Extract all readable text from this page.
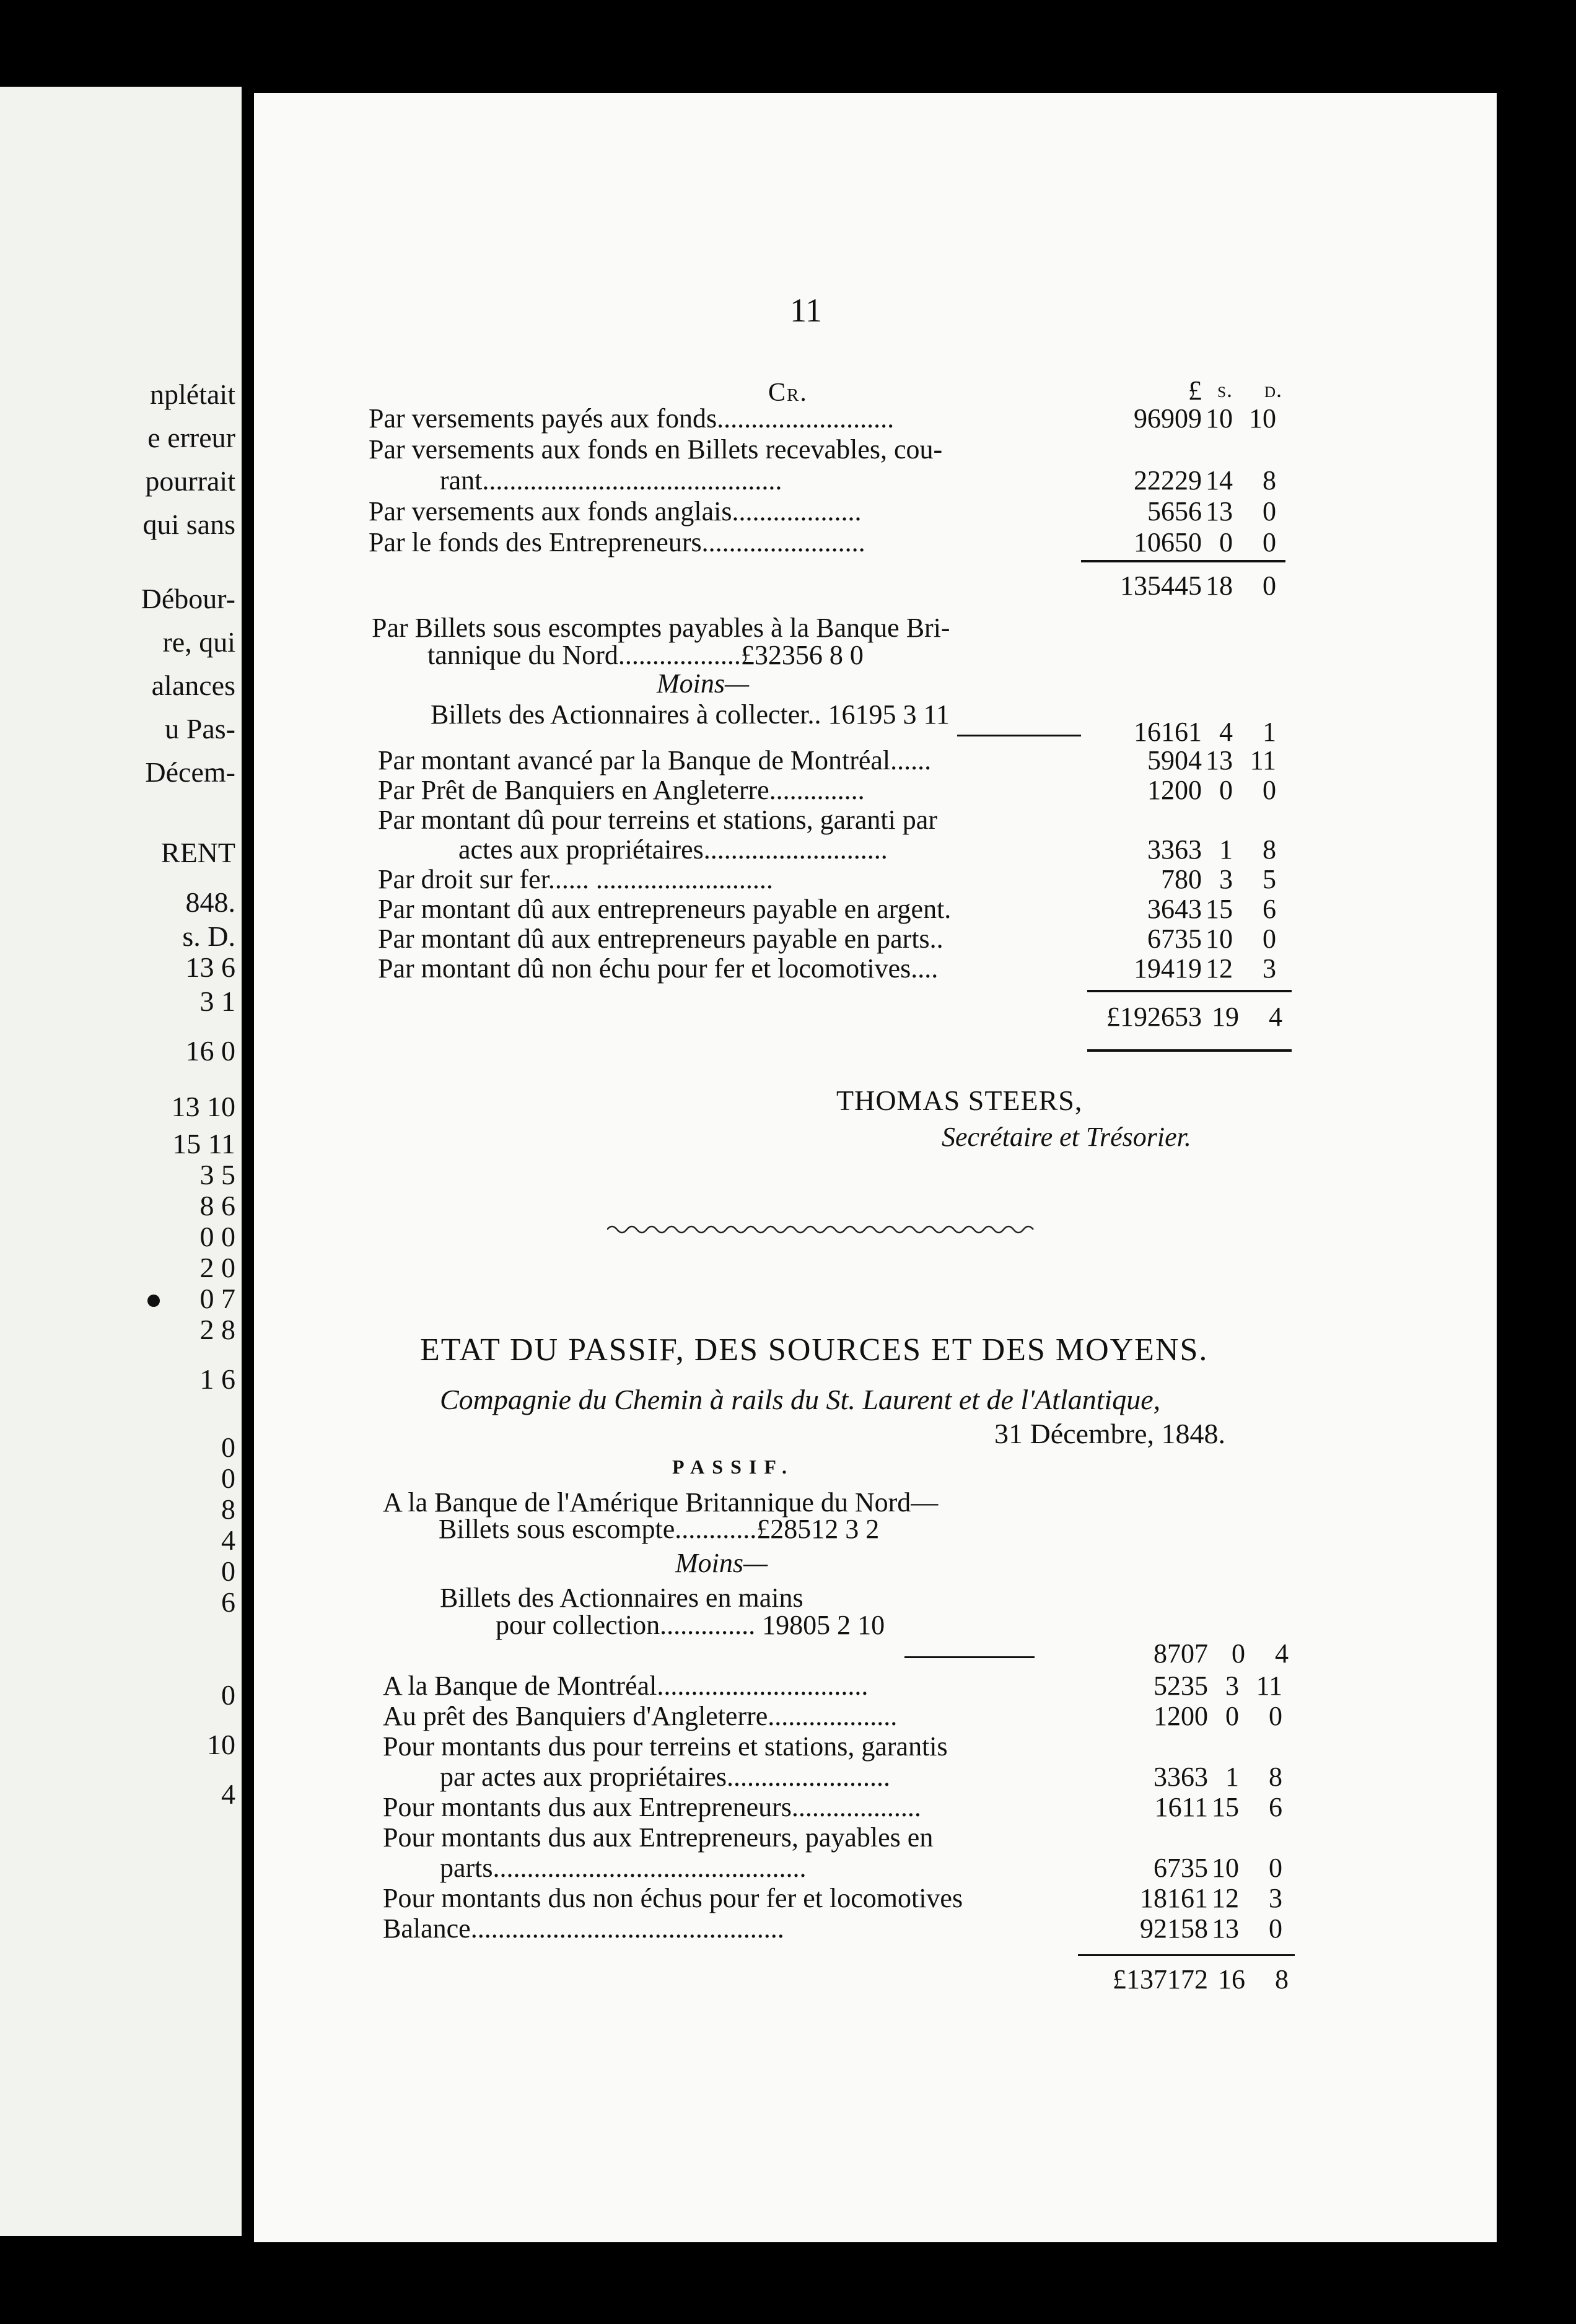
nplétait
e erreur
pourrait
qui sans
Débour-
re, qui
alances
u Pas-
Décem-
RENT
848.
s. D.
13 6
3 1
16 0
13 10
15 11
3 5
8 6
0 0
2 0
0 7
2 8
1 6
0
0
8
4
0
6
0
10
4
11
Cr.	£ s.	d.
Par versements payés aux fonds..........................	96909 10 10
Par versements aux fonds en Billets recevables, cou-
rant............................................	22229 14	8
Par versements aux fonds anglais...................	5656 13	0
Par le fonds des Entrepreneurs........................	10650 0	0
135445 18	0
Par Billets sous escomptes payables à la Banque Bri-
tannique du Nord..................£32356 8 0
Moins—
Billets des Actionnaires à collecter.. 16195 3 11
16161 4	1
Par montant avancé par la Banque de Montréal......	5904 13 11
Par Prêt de Banquiers en Angleterre..............	1200 0	0
Par montant dû pour terreins et stations, garanti par
actes aux propriétaires...........................	3363 1	8
Par droit sur fer...... ..........................	780 3	5
Par montant dû aux entrepreneurs payable en argent.	3643 15	6
Par montant dû aux entrepreneurs payable en parts..	6735 10	0
Par montant dû non échu pour fer et locomotives....	19419 12	3
£192653 19	4
THOMAS STEERS,
Secrétaire et Trésorier.
ETAT DU PASSIF, DES SOURCES ET DES MOYENS.
Compagnie du Chemin à rails du St. Laurent et de l'Atlantique,
31 Décembre, 1848.
PASSIF.
A la Banque de l'Amérique Britannique du Nord—
Billets sous escompte............£28512 3 2
Moins—
Billets des Actionnaires en mains
pour collection.............. 19805 2 10
8707 0	4
A la Banque de Montréal...............................	5235 3 11
Au prêt des Banquiers d'Angleterre...................	1200 0	0
Pour montants dus pour terreins et stations, garantis
par actes aux propriétaires........................	3363 1	8
Pour montants dus aux Entrepreneurs...................	1611 15	6
Pour montants dus aux Entrepreneurs, payables en
parts..............................................	6735 10	0
Pour montants dus non échus pour fer et locomotives	18161 12	3
Balance..............................................	92158 13	0
£137172 16	8
